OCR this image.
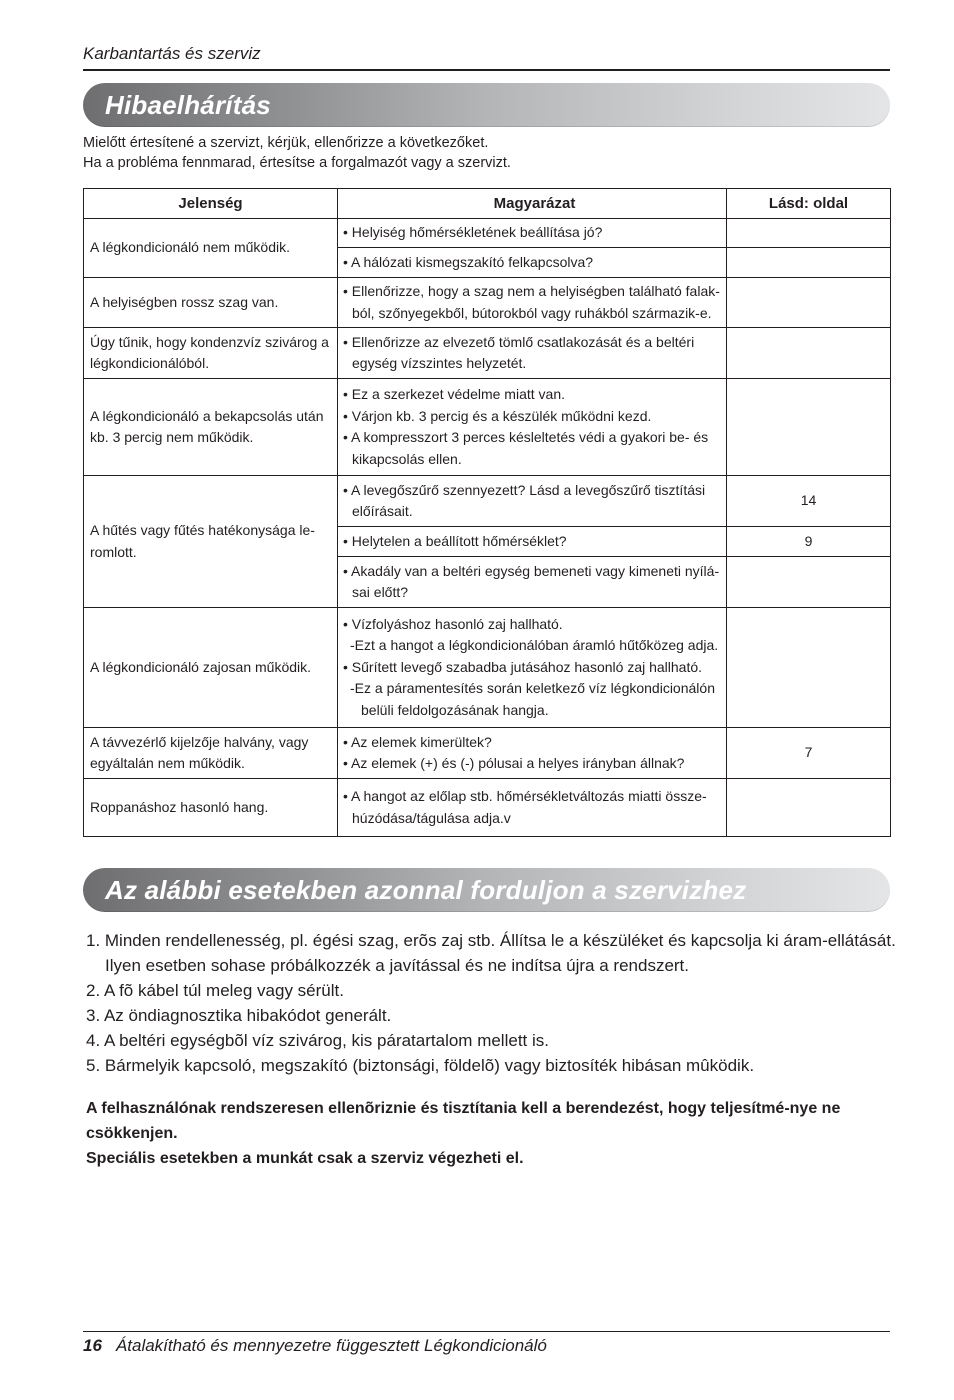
Karbantartás és szerviz
Hibaelhárítás
Mielőtt értesítené a szervizt, kérjük, ellenőrizze a következőket.
Ha a probléma fennmarad, értesítse a forgalmazót vagy a szervizt.
Jelenség	Magyarázat	Lásd: oldal
A légkondicionáló nem működik.	• Helyiség hőmérsékletének beállítása jó?	

	• A hálózati kismegszakító felkapcsolva?	

A helyiségben rossz szag van.	• Ellenőrizze, hogy a szag nem a helyiségben található falak-
ból, szőnyegekből, bútorokból vagy ruhákból származik-e.	

Úgy tűnik, hogy kondenzvíz szivárog a légkondicionálóból.	• Ellenőrizze az elvezető tömlő csatlakozását és a beltéri
egység vízszintes helyzetét.	

A légkondicionáló a bekapcsolás után kb. 3 percig nem működik.	• Ez a szerkezet védelme miatt van.
• Várjon kb. 3 percig és a készülék működni kezd.
• A kompresszort 3 perces késleltetés védi a gyakori be- és
kikapcsolás ellen.	

A hűtés vagy fűtés hatékonysága le-romlott.	• A levegőszűrő szennyezett? Lásd a levegőszűrő tisztítási
előírásait.	14

	• Helytelen a beállított hőmérséklet?	9

	• Akadály van a beltéri egység bemeneti vagy kimeneti nyílá-
sai előtt?	

A légkondicionáló zajosan működik.	• Vízfolyáshoz hasonló zaj hallható.
-Ezt a hangot a légkondicionálóban áramló hűtőközeg adja.
• Sűrített levegő szabadba jutásához hasonló zaj hallható.
-Ez a páramentesítés során keletkező víz légkondicionálón
belüli feldolgozásának hangja.	

A távvezérlő kijelzője halvány, vagy egyáltalán nem működik.	• Az elemek kimerültek?
• Az elemek (+) és (-) pólusai a helyes irányban állnak?	7
Roppanáshoz hasonló hang.	• A hangot az előlap stb. hőmérsékletváltozás miatti össze-
húzódása/tágulása adja.v	

Az alábbi esetekben azonnal forduljon a szervizhez
1. Minden rendellenesség, pl. égési szag, erõs zaj stb. Állítsa le a készüléket és kapcsolja ki áram-ellátását. Ilyen esetben sohase próbálkozzék a javítással és ne indítsa újra a rendszert.
2. A fõ kábel túl meleg vagy sérült.
3. Az öndiagnosztika hibakódot generált.
4. A beltéri egységbõl víz szivárog, kis páratartalom mellett is.
5. Bármelyik kapcsoló, megszakító (biztonsági, földelõ) vagy biztosíték hibásan mûködik.
A felhasználónak rendszeresen ellenõriznie és tisztítania kell a berendezést, hogy teljesítmé-nye ne csökkenjen.
Speciális esetekben a munkát csak a szerviz végezheti el.
16 Átalakítható és mennyezetre függesztett Légkondicionáló
